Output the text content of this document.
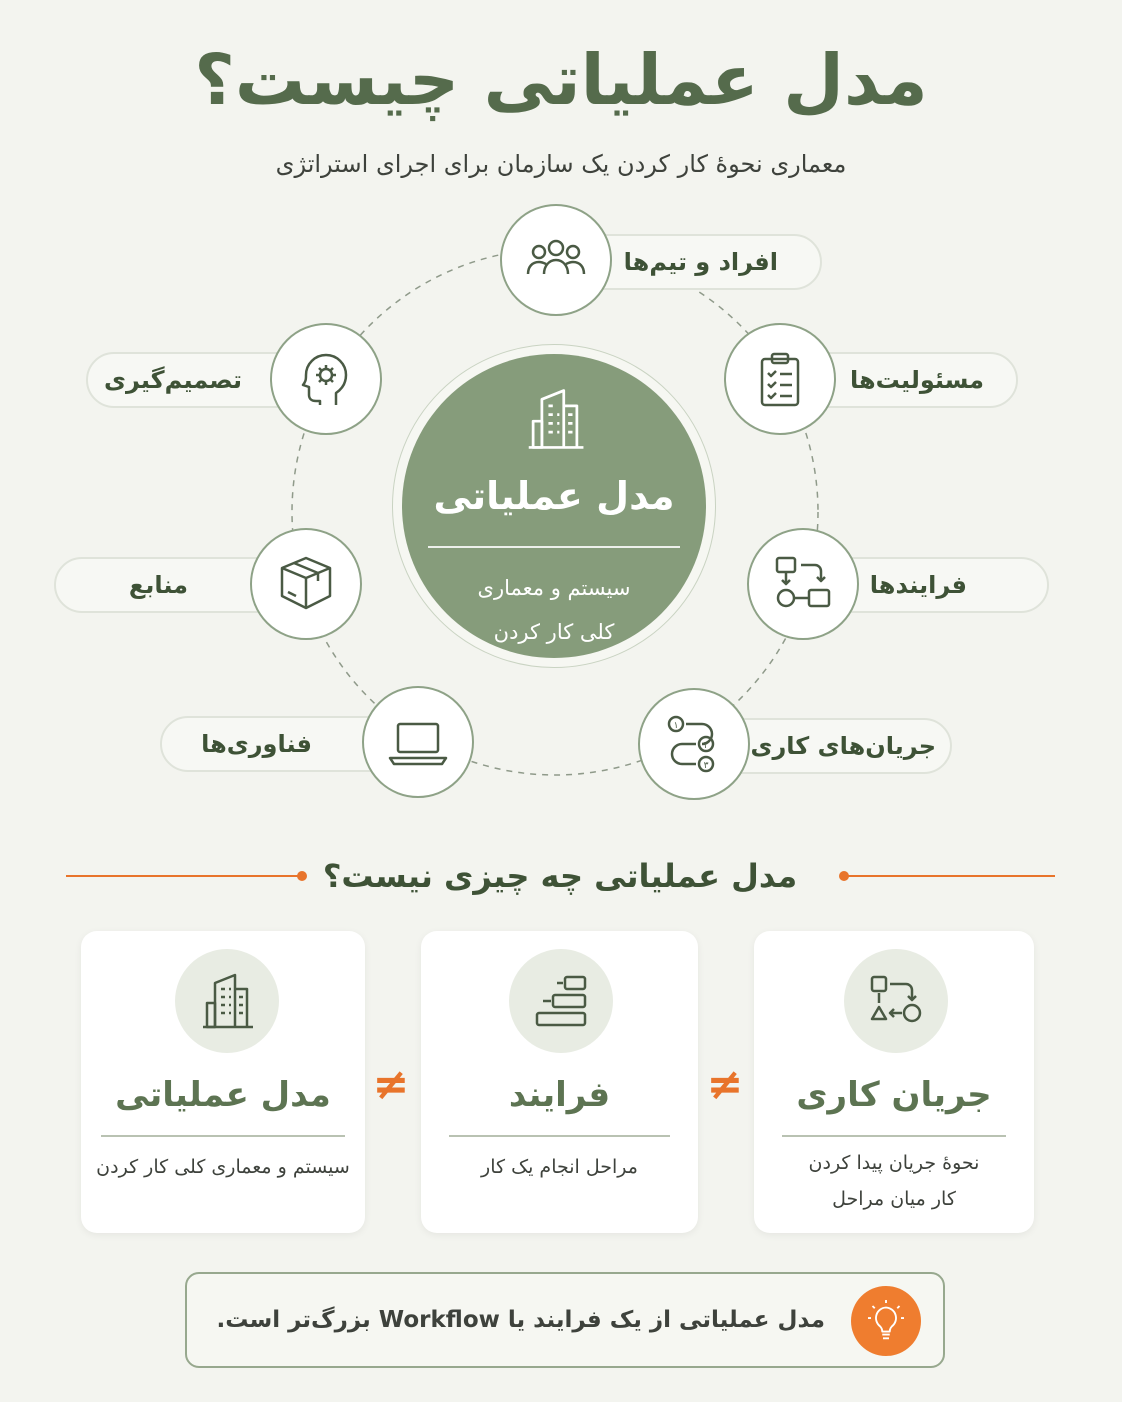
مدل عملیاتی چیست؟
معماری نحوهٔ کار کردن یک سازمان برای اجرای استراتژی
مدل عملیاتی
سیستم و معماری
کلی کار کردن
افراد و تیم‌ها
مسئولیت‌ها
فرایندها
جریان‌های کاری
فناوری‌ها
منابع
تصمیم‌گیری
١
٢
٣
مدل عملیاتی چه چیزی نیست؟
مدل عملیاتی
سیستم و معماری کلی کار کردن
فرایند
مراحل انجام یک کار
جریان کاری
نحوهٔ جریان پیدا کردن
کار میان مراحل
≠	≠
مدل عملیاتی از یک فرایند یا Workflow بزرگ‌تر است.
